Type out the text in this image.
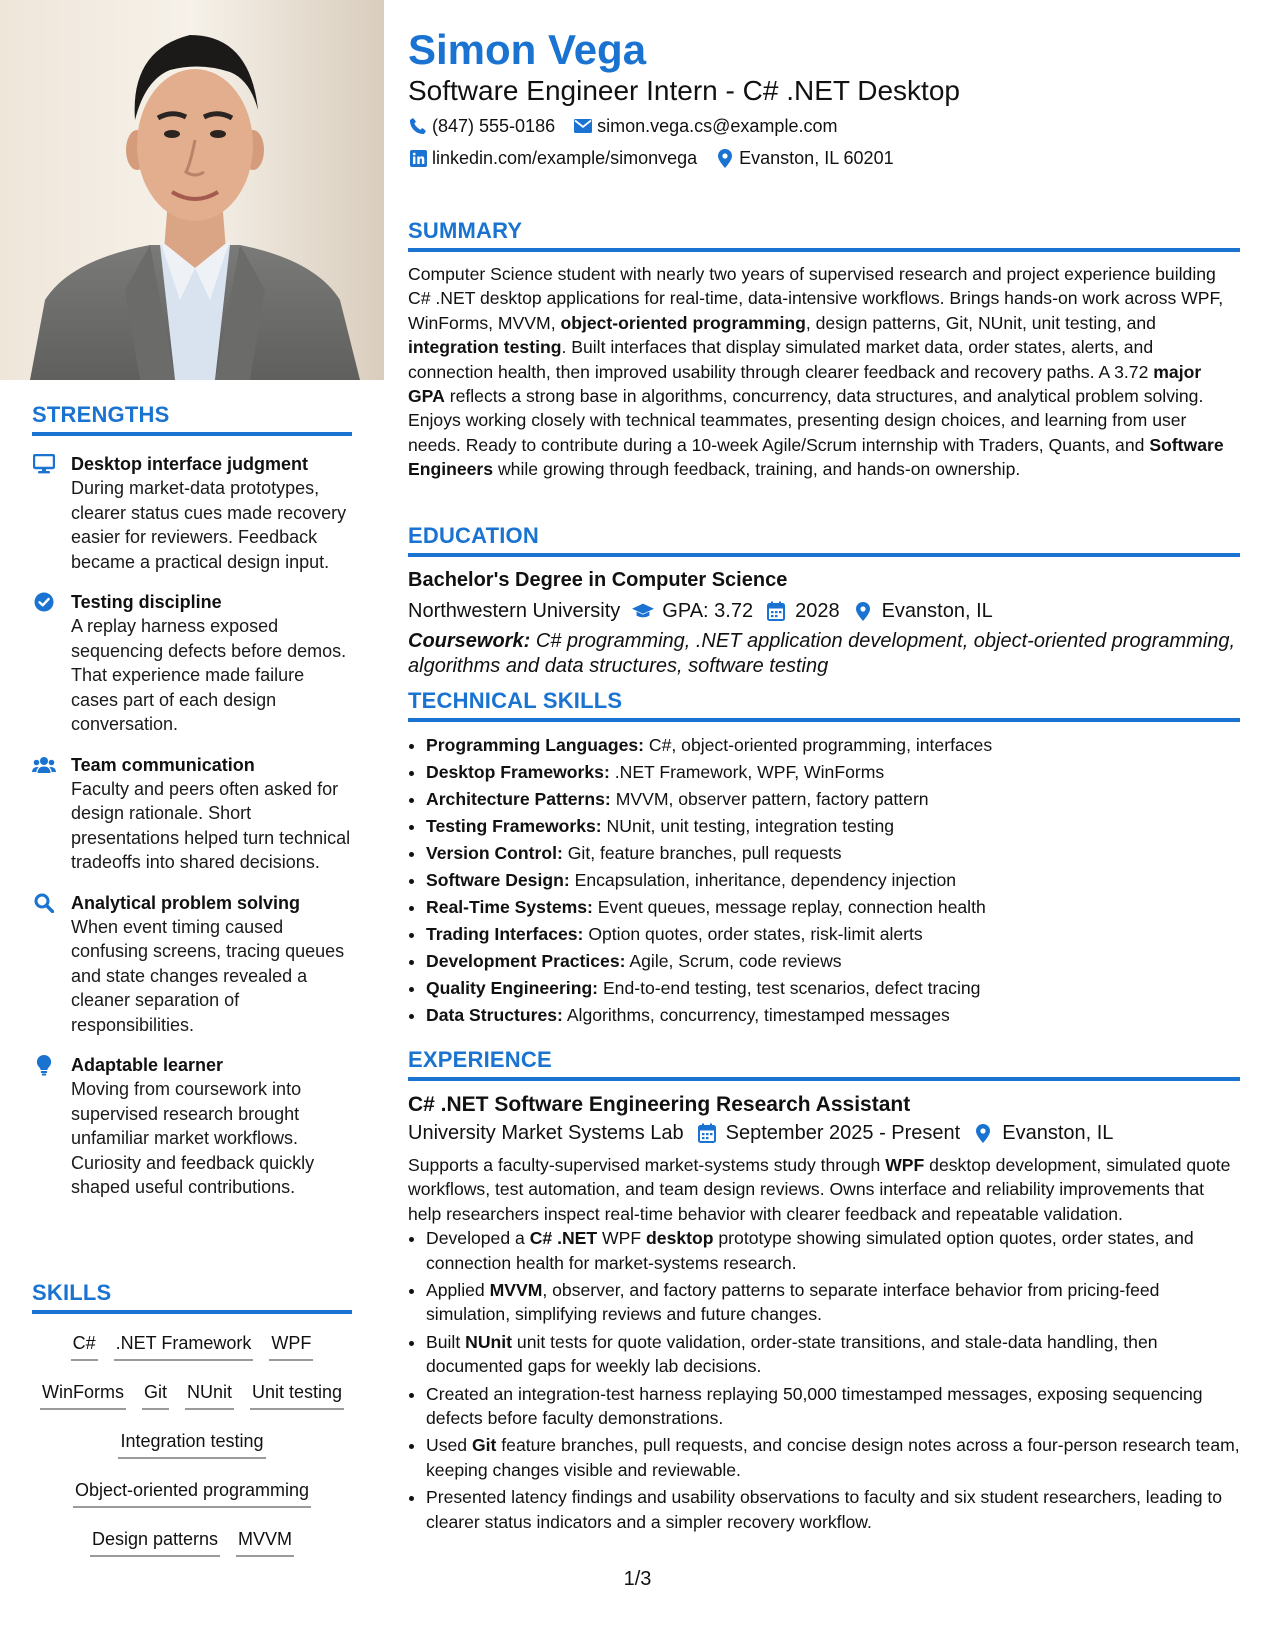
STRENGTHS
Desktop interface judgment
During market-data prototypes, clearer status cues made recovery easier for reviewers. Feedback became a practical design input.
Testing discipline
A replay harness exposed sequencing defects before demos. That experience made failure cases part of each design conversation.
Team communication
Faculty and peers often asked for design rationale. Short presentations helped turn technical tradeoffs into shared decisions.
Analytical problem solving
When event timing caused confusing screens, tracing queues and state changes revealed a cleaner separation of responsibilities.
Adaptable learner
Moving from coursework into supervised research brought unfamiliar market workflows. Curiosity and feedback quickly shaped useful contributions.
SKILLS
C# .NET Framework WPF
WinForms Git NUnit Unit testing
Integration testing
Object-oriented programming
Design patterns MVVM
Simon Vega
Software Engineer Intern - C# .NET Desktop
(847) 555-0186 simon.vega.cs@example.com
linkedin.com/example/simonvega Evanston, IL 60201
SUMMARY

Computer Science student with nearly two years of supervised research and project experience building C# .NET desktop applications for real-time, data-intensive workflows. Brings hands-on work across WPF, WinForms, MVVM, object-oriented programming, design patterns, Git, NUnit, unit testing, and integration testing. Built interfaces that display simulated market data, order states, alerts, and connection health, then improved usability through clearer feedback and recovery paths. A 3.72 major GPA reflects a strong base in algorithms, concurrency, data structures, and analytical problem solving. Enjoys working closely with technical teammates, presenting design choices, and learning from user needs. Ready to contribute during a 10-week Agile/Scrum internship with Traders, Quants, and Software Engineers while growing through feedback, training, and hands-on ownership.

EDUCATION
Bachelor's Degree in Computer Science
Northwestern University GPA: 3.72 2028 Evanston, IL
Coursework: C# programming, .NET application development, object-oriented programming, algorithms and data structures, software testing
TECHNICAL SKILLS
• Programming Languages: C#, object-oriented programming, interfaces
• Desktop Frameworks: .NET Framework, WPF, WinForms
• Architecture Patterns: MVVM, observer pattern, factory pattern
• Testing Frameworks: NUnit, unit testing, integration testing
• Version Control: Git, feature branches, pull requests
• Software Design: Encapsulation, inheritance, dependency injection
• Real-Time Systems: Event queues, message replay, connection health
• Trading Interfaces: Option quotes, order states, risk-limit alerts
• Development Practices: Agile, Scrum, code reviews
• Quality Engineering: End-to-end testing, test scenarios, defect tracing
• Data Structures: Algorithms, concurrency, timestamped messages
EXPERIENCE
C# .NET Software Engineering Research Assistant
University Market Systems Lab September 2025 - Present Evanston, IL

Supports a faculty-supervised market-systems study through WPF desktop development, simulated quote workflows, test automation, and team design reviews. Owns interface and reliability improvements that help researchers inspect real-time behavior with clearer feedback and repeatable validation.

• Developed a C# .NET WPF desktop prototype showing simulated option quotes, order states, and connection health for market-systems research.
• Applied MVVM, observer, and factory patterns to separate interface behavior from pricing-feed simulation, simplifying reviews and future changes.
• Built NUnit unit tests for quote validation, order-state transitions, and stale-data handling, then documented gaps for weekly lab decisions.
• Created an integration-test harness replaying 50,000 timestamped messages, exposing sequencing defects before faculty demonstrations.
• Used Git feature branches, pull requests, and concise design notes across a four-person research team, keeping changes visible and reviewable.
• Presented latency findings and usability observations to faculty and six student researchers, leading to clearer status indicators and a simpler recovery workflow.
1/3
